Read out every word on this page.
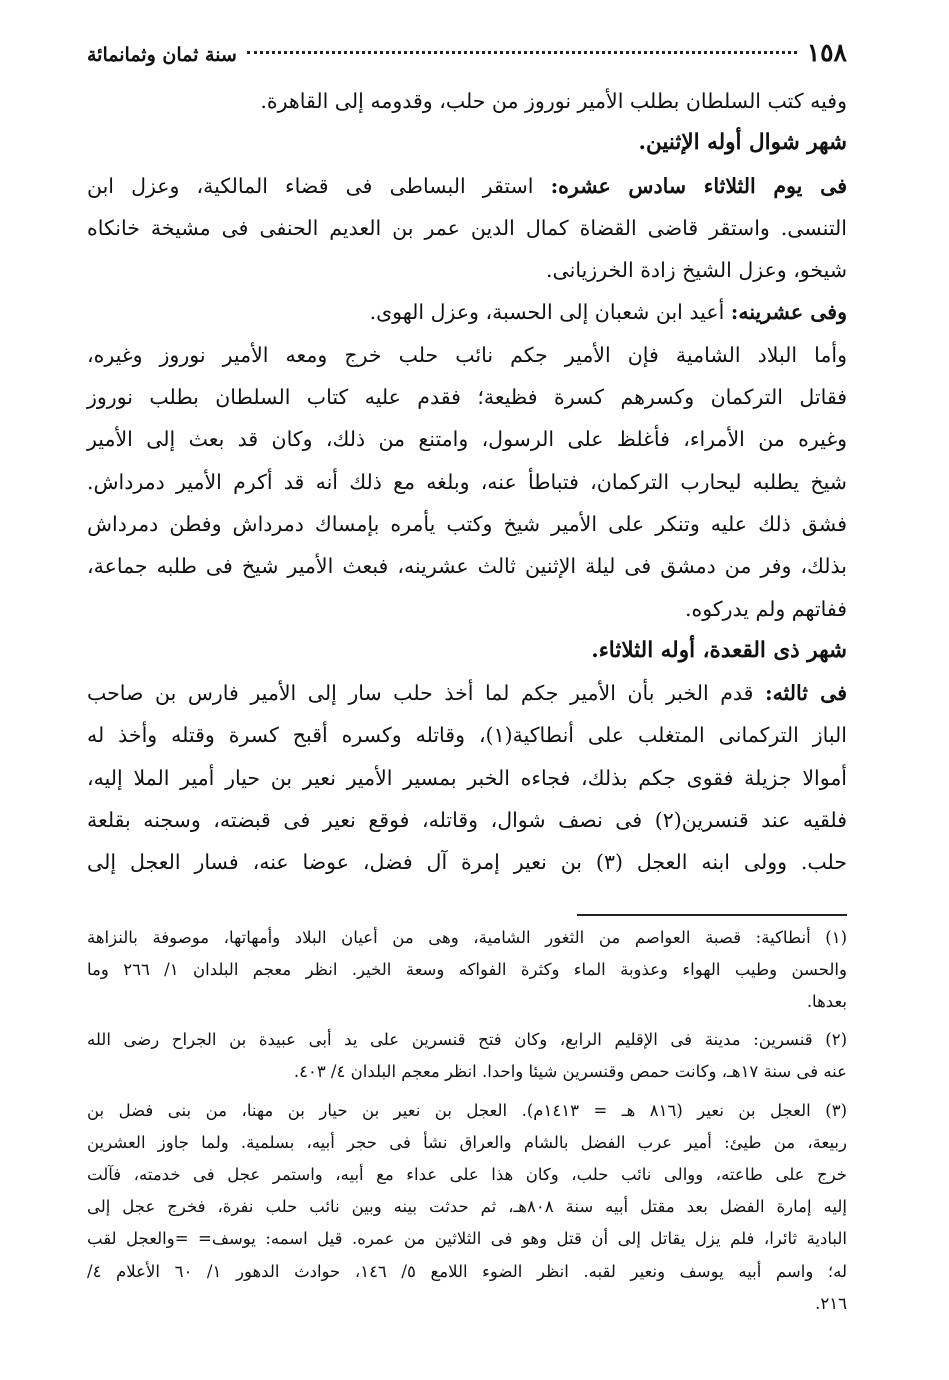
١٥٨
سنة ثمان وثمانمائة
وفيه كتب السلطان بطلب الأمير نوروز من حلب، وقدومه إلى القاهرة.
شهر شوال أوله الإثنين.
فى يوم الثلاثاء سادس عشره: استقر البساطى فى قضاء المالكية، وعزل ابن
التنسى. واستقر قاضى القضاة كمال الدين عمر بن العديم الحنفى فى مشيخة خانكاه
شيخو، وعزل الشيخ زادة الخرزيانى.
وفى عشرينه: أعيد ابن شعبان إلى الحسبة، وعزل الهوى.
وأما البلاد الشامية فإن الأمير جكم نائب حلب خرج ومعه الأمير نوروز وغيره،
فقاتل التركمان وكسرهم كسرة فظيعة؛ فقدم عليه كتاب السلطان بطلب نوروز
وغيره من الأمراء، فأغلظ على الرسول، وامتنع من ذلك، وكان قد بعث إلى الأمير
شيخ يطلبه ليحارب التركمان، فتباطأ عنه، وبلغه مع ذلك أنه قد أكرم الأمير دمرداش.
فشق ذلك عليه وتنكر على الأمير شيخ وكتب يأمره بإمساك دمرداش وفطن دمرداش
بذلك، وفر من دمشق فى ليلة الإثنين ثالث عشرينه، فبعث الأمير شيخ فى طلبه جماعة،
ففاتهم ولم يدركوه.
شهر ذى القعدة، أوله الثلاثاء.
فى ثالثه: قدم الخبر بأن الأمير جكم لما أخذ حلب سار إلى الأمير فارس بن صاحب
الباز التركمانى المتغلب على أنطاكية(١)، وقاتله وكسره أقبح كسرة وقتله وأخذ له
أموالا جزيلة فقوى جكم بذلك، فجاءه الخبر بمسير الأمير نعير بن حيار أمير الملا إليه،
فلقيه عند قنسرين(٢) فى نصف شوال، وقاتله، فوقع نعير فى قبضته، وسجنه بقلعة
حلب. وولى ابنه العجل (٣) بن نعير إمرة آل فضل، عوضا عنه، فسار العجل إلى
(١) أنطاكية: قصبة العواصم من الثغور الشامية، وهى من أعيان البلاد وأمهاتها، موصوفة بالنزاهة
والحسن وطيب الهواء وعذوبة الماء وكثرة الفواكه وسعة الخير. انظر معجم البلدان ١/ ٢٦٦ وما
بعدها.
(٢) قنسرين: مدينة فى الإقليم الرابع، وكان فتح قنسرين على يد أبى عبيدة بن الجراح رضى الله
عنه فى سنة ١٧هـ، وكانت حمص وقنسرين شيئا واحدا. انظر معجم البلدان ٤/ ٤٠٣.
(٣) العجل بن نعير (٨١٦ هـ = ١٤١٣م). العجل بن نعير بن حيار بن مهنا، من بنى فضل بن
ربيعة، من طيئ: أمير عرب الفضل بالشام والعراق نشأ فى حجر أبيه، بسلمية. ولما جاوز العشرين
خرج على طاعته، ووالى نائب حلب، وكان هذا على عداء مع أبيه، واستمر عجل فى خدمته، فآلت
إليه إمارة الفضل بعد مقتل أبيه سنة ٨٠٨هـ، ثم حدثت بينه وبين نائب حلب نفرة، فخرج عجل إلى
البادية ثائرا، فلم يزل يقاتل إلى أن قتل وهو فى الثلاثين من عمره. قيل اسمه: يوسف= =والعجل لقب
له؛ واسم أبيه يوسف ونعير لقبه. انظر الضوء اللامع ٥/ ١٤٦، حوادث الدهور ١/ ٦٠ الأعلام ٤/
٢١٦.
